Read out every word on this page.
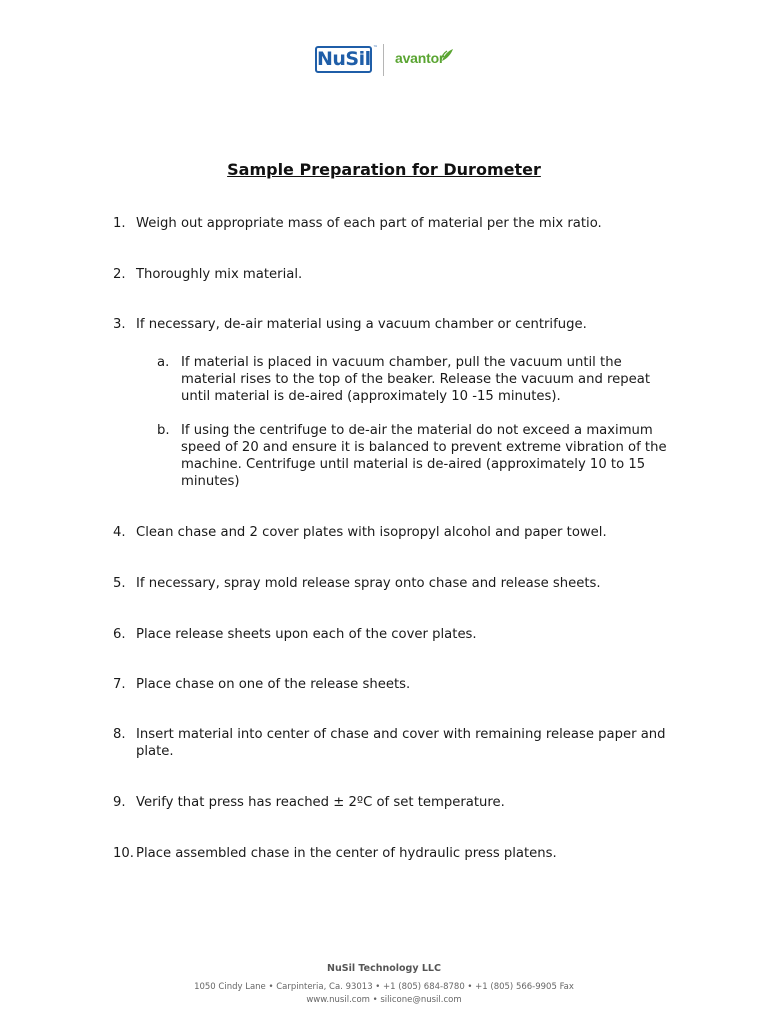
NuSil ™
avantor
Sample Preparation for Durometer
1. Weigh out appropriate mass of each part of material per the mix ratio.
2. Thoroughly mix material.
3. If necessary, de-air material using a vacuum chamber or centrifuge.
a. If material is placed in vacuum chamber, pull the vacuum until the material rises to the top of the beaker. Release the vacuum and repeat until material is de-aired (approximately 10 -15 minutes).
b. If using the centrifuge to de-air the material do not exceed a maximum speed of 20 and ensure it is balanced to prevent extreme vibration of the machine. Centrifuge until material is de-aired (approximately 10 to 15 minutes)
4. Clean chase and 2 cover plates with isopropyl alcohol and paper towel.
5. If necessary, spray mold release spray onto chase and release sheets.
6. Place release sheets upon each of the cover plates.
7. Place chase on one of the release sheets.
8. Insert material into center of chase and cover with remaining release paper and plate.
9. Verify that press has reached ± 2ºC of set temperature.
10. Place assembled chase in the center of hydraulic press platens.
NuSil Technology LLC
1050 Cindy Lane • Carpinteria, Ca. 93013 • +1 (805) 684-8780 • +1 (805) 566-9905 Fax
www.nusil.com • silicone@nusil.com
